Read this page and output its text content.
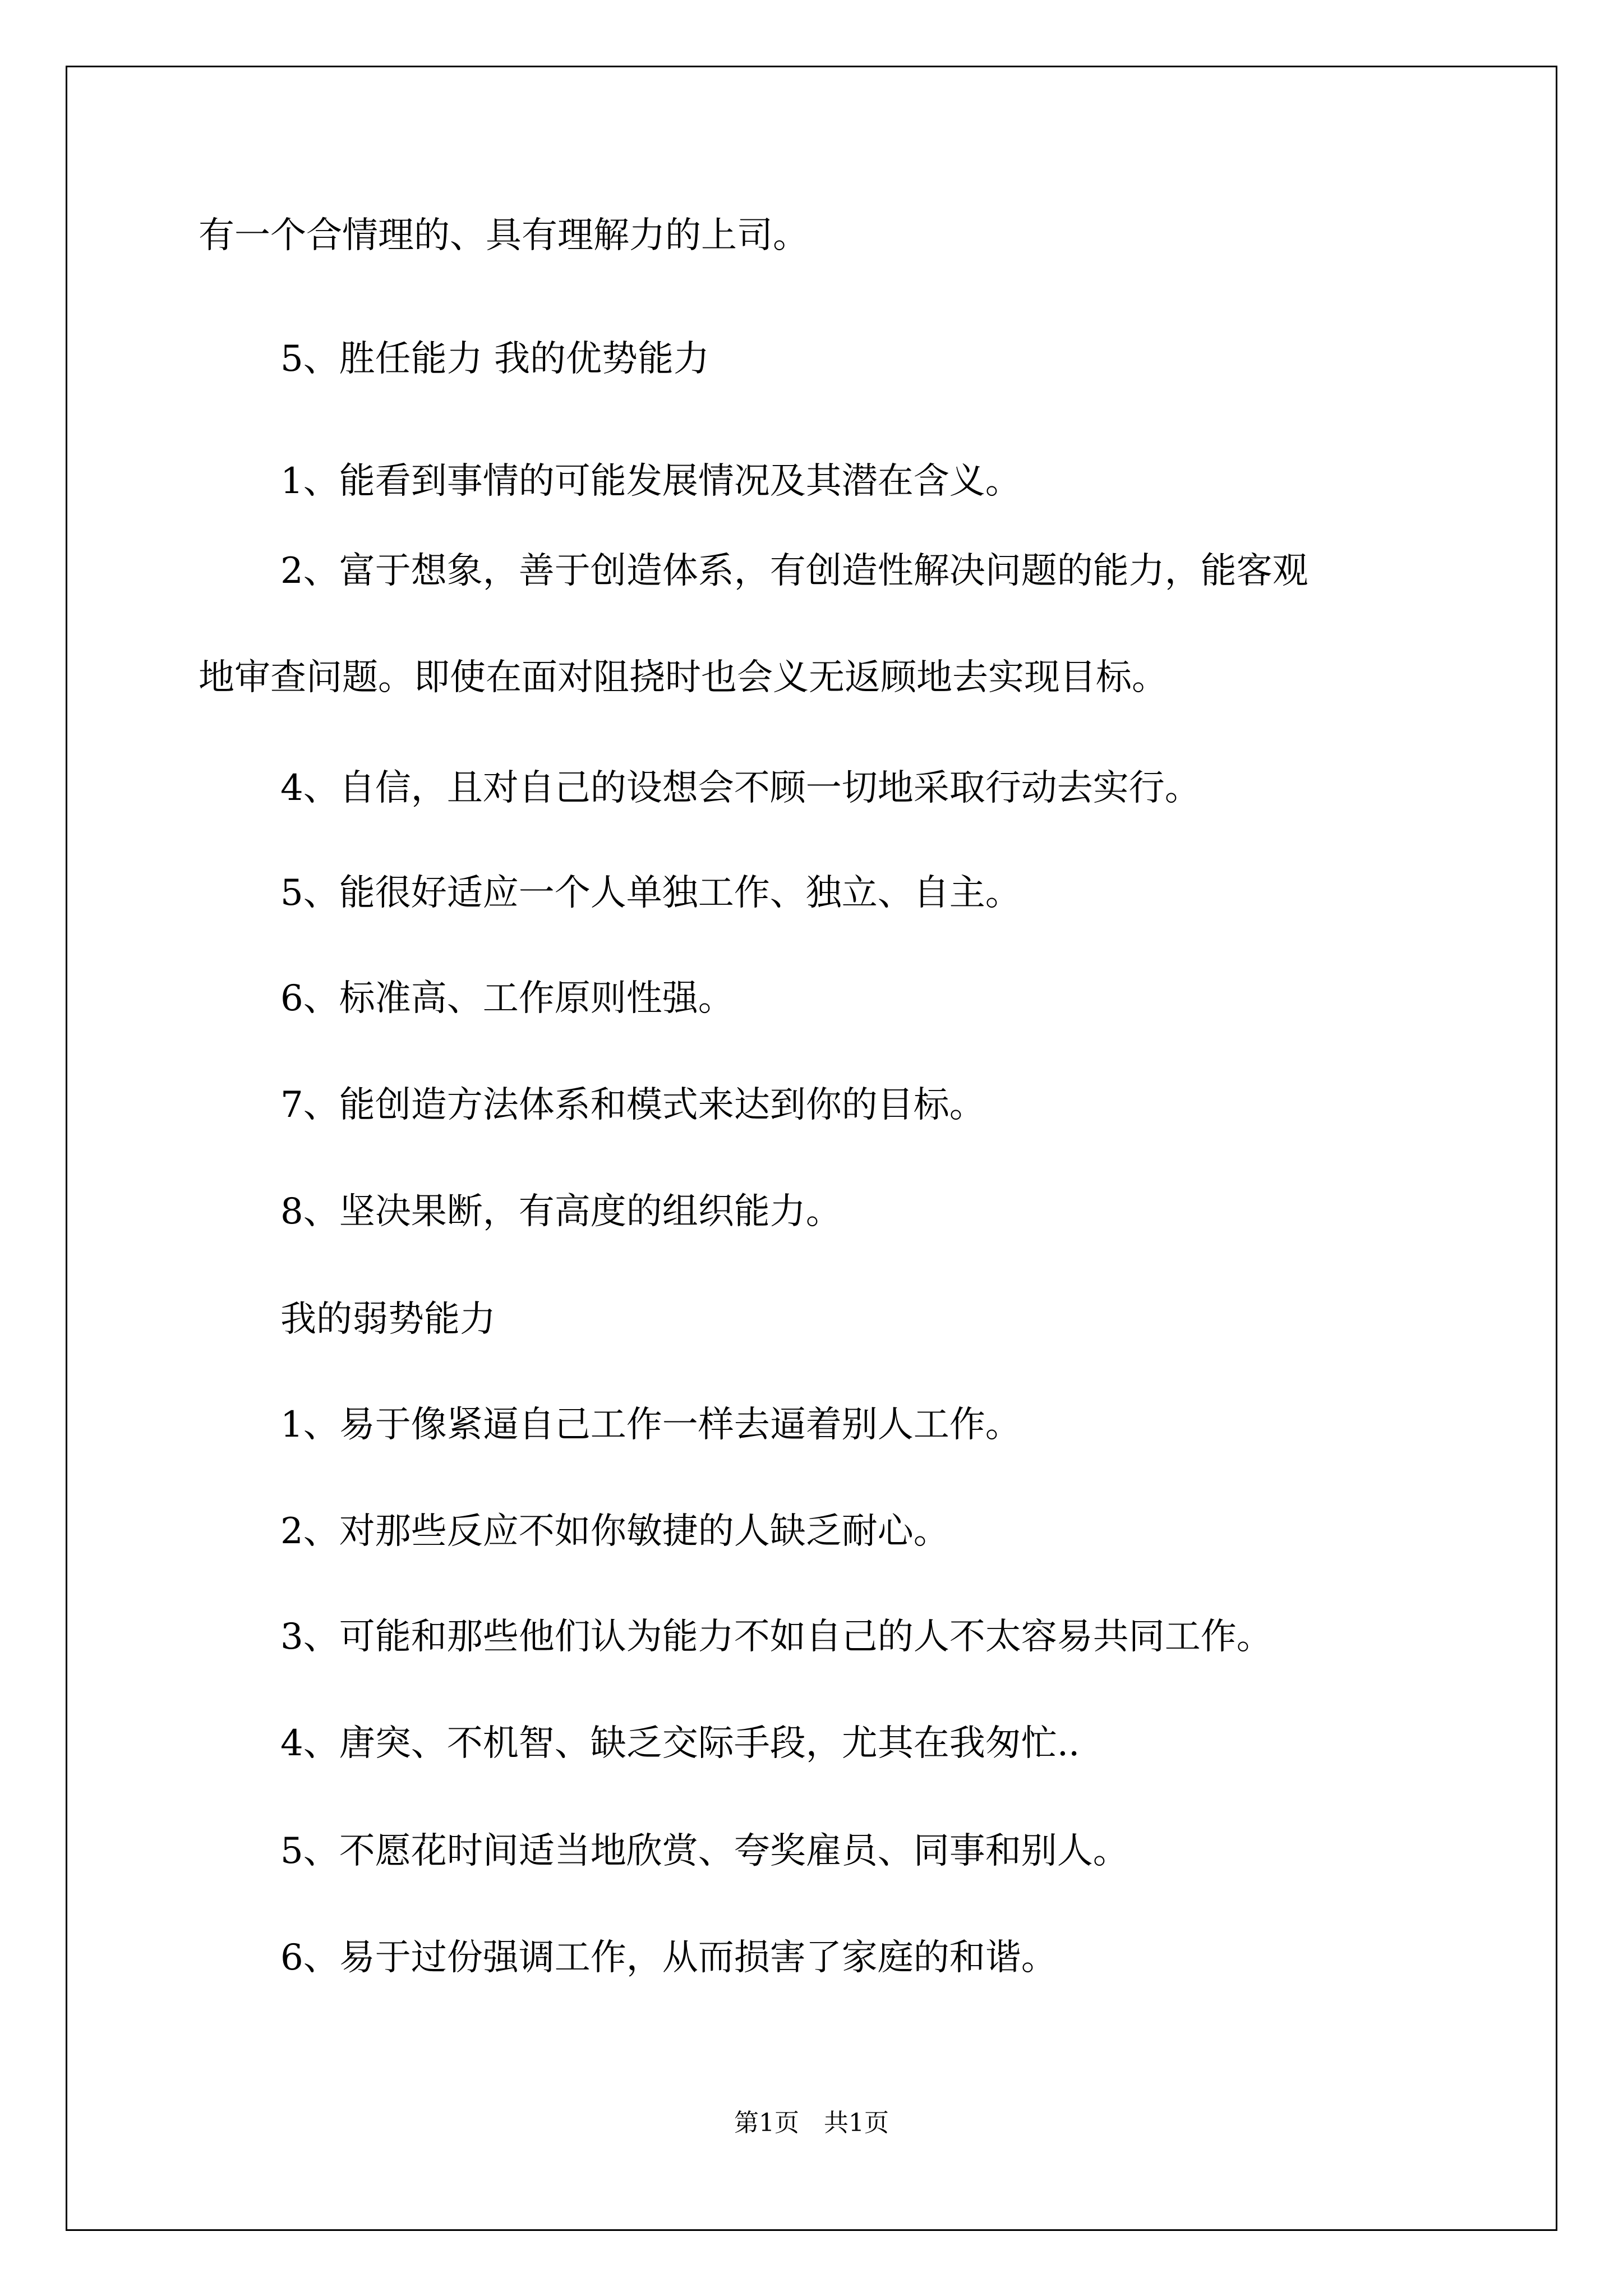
有一个合情理的、具有理解力的上司。
5、胜任能力 我的优势能力
1、能看到事情的可能发展情况及其潜在含义。
2、富于想象，善于创造体系，有创造性解决问题的能力，能客观
地审查问题。即使在面对阻挠时也会义无返顾地去实现目标。
4、自信，且对自己的设想会不顾一切地采取行动去实行。
5、能很好适应一个人单独工作、独立、自主。
6、标准高、工作原则性强。
7、能创造方法体系和模式来达到你的目标。
8、坚决果断，有高度的组织能力。
我的弱势能力
1、易于像紧逼自己工作一样去逼着别人工作。
2、对那些反应不如你敏捷的人缺乏耐心。
3、可能和那些他们认为能力不如自己的人不太容易共同工作。
4、唐突、不机智、缺乏交际手段，尤其在我匆忙..
5、不愿花时间适当地欣赏、夸奖雇员、同事和别人。
6、易于过份强调工作，从而损害了家庭的和谐。
第1页　共1页
